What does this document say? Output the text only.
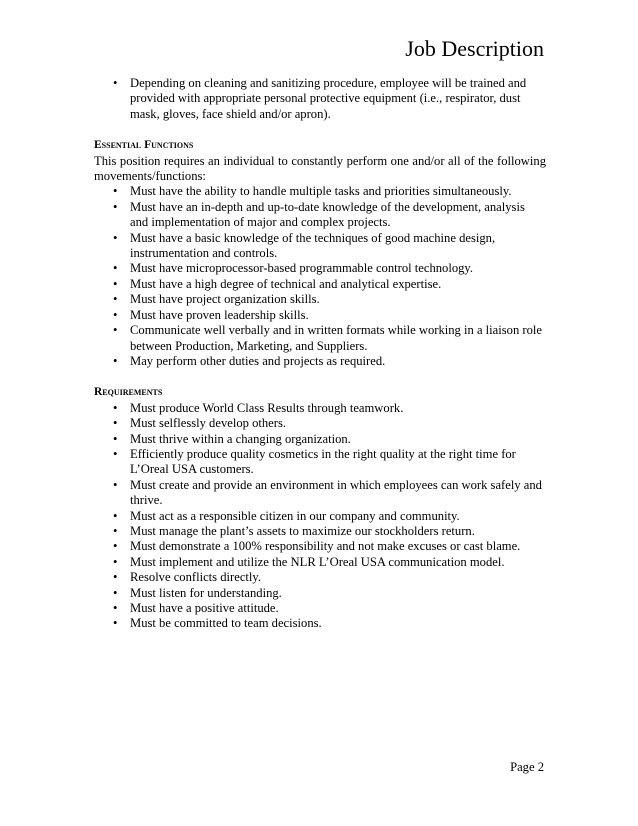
Job Description
• Depending on cleaning and sanitizing procedure, employee will be trained and provided with appropriate personal protective equipment (i.e., respirator, dust mask, gloves, face shield and/or apron).
Essential Functions
This position requires an individual to constantly perform one and/or all of the following movements/functions:
• Must have the ability to handle multiple tasks and priorities simultaneously.
• Must have an in-depth and up-to-date knowledge of the development, analysis and implementation of major and complex projects.
• Must have a basic knowledge of the techniques of good machine design, instrumentation and controls.
• Must have microprocessor-based programmable control technology.
• Must have a high degree of technical and analytical expertise.
• Must have project organization skills.
• Must have proven leadership skills.
• Communicate well verbally and in written formats while working in a liaison role between Production, Marketing, and Suppliers.
• May perform other duties and projects as required.
Requirements
• Must produce World Class Results through teamwork.
• Must selflessly develop others.
• Must thrive within a changing organization.
• Efficiently produce quality cosmetics in the right quality at the right time for L’Oreal USA customers.
• Must create and provide an environment in which employees can work safely and thrive.
• Must act as a responsible citizen in our company and community.
• Must manage the plant’s assets to maximize our stockholders return.
• Must demonstrate a 100% responsibility and not make excuses or cast blame.
• Must implement and utilize the NLR L’Oreal USA communication model.
• Resolve conflicts directly.
• Must listen for understanding.
• Must have a positive attitude.
• Must be committed to team decisions.
Page 2
